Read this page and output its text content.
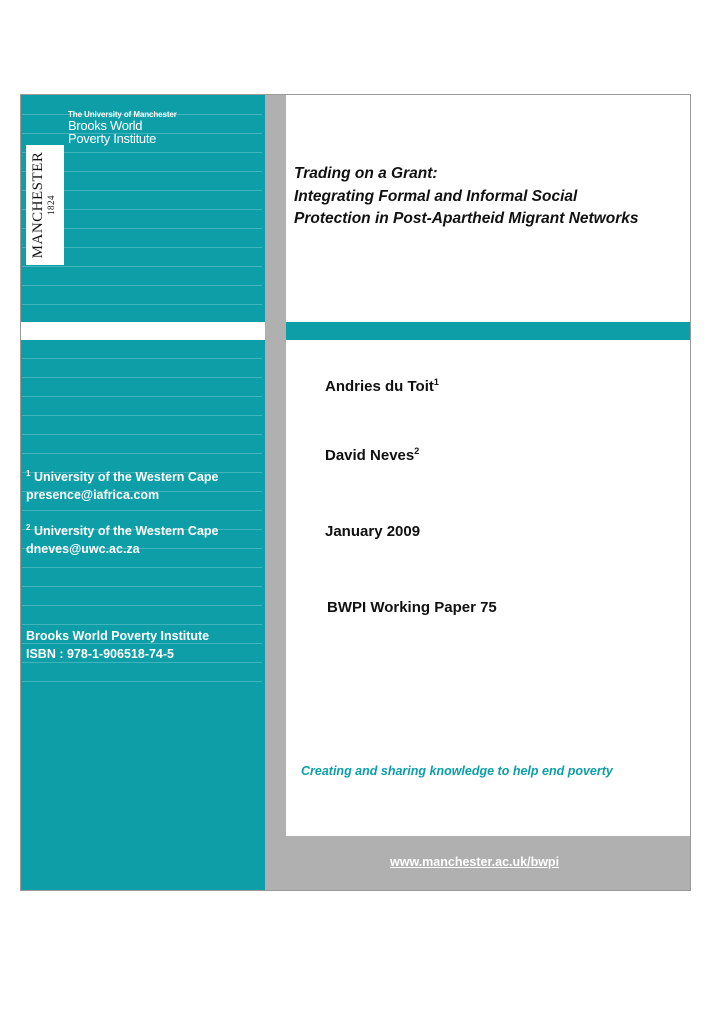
The University of Manchester
Brooks World
Poverty Institute
MANCHESTER 1824
Trading on a Grant:
Integrating Formal and Informal Social
Protection in Post-Apartheid Migrant Networks
Andries du Toit$^1$
David Neves$^2$
January 2009
BWPI Working Paper 75
$^1$ University of the Western Cape
presence@iafrica.com
$^2$ University of the Western Cape
dneves@uwc.ac.za
Brooks World Poverty Institute
ISBN : 978-1-906518-74-5
Creating and sharing knowledge to help end poverty
www.manchester.ac.uk/bwpi
